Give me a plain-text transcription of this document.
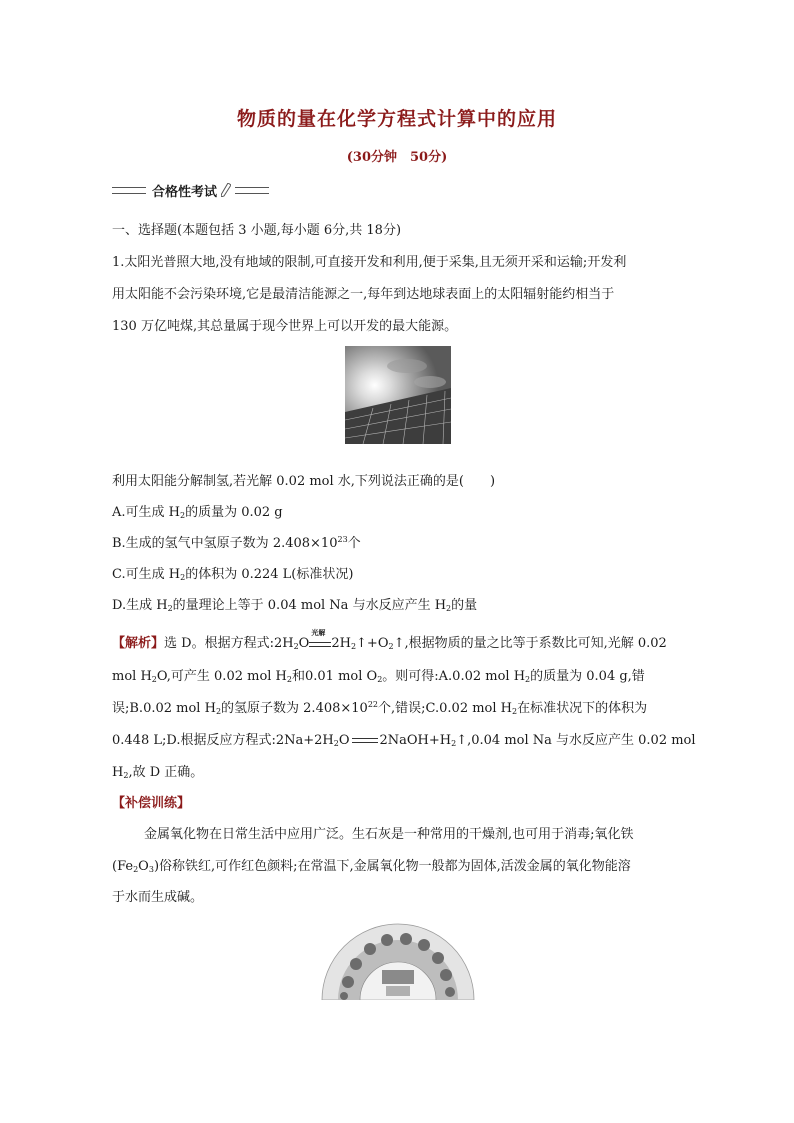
物质的量在化学方程式计算中的应用
(30分钟　50分)
合格性考试
一、选择题(本题包括 3 小题,每小题 6分,共 18分)
1.太阳光普照大地,没有地域的限制,可直接开发和利用,便于采集,且无须开采和运输;开发利
用太阳能不会污染环境,它是最清洁能源之一,每年到达地球表面上的太阳辐射能约相当于
130 万亿吨煤,其总量属于现今世界上可以开发的最大能源。
利用太阳能分解制氢,若光解 0.02 mol 水,下列说法正确的是(　　)
A.可生成 $H_2$的质量为 0.02 g
B.生成的氢气中氢原子数为 $2.408\times 10^{23}$个
C.可生成 $H_2$的体积为 0.224 L(标准状况)
D.生成 $H_2$的量理论上等于 0.04 mol Na 与水反应产生 $H_2$的量
【解析】选 D。根据方程式$:2H_2O$
光解
$2H_2↑+O_2↑$,根据物质的量之比等于系数比可知,光解 0.02
mol $H_2O$,可产生 0.02 mol $H_2$和0.01 mol $O_2$。则可得:A.0.02 mol $H_2$的质量为 0.04 g,错
误;B.0.02 mol $H_2$的氢原子数为 $2.408\times 10^{22}$个,错误;C.0.02 mol $H_2$在标准状况下的体积为
0.448 L;D.根据反应方程式$:2Na+2H_2O$ $2NaOH+H_2↑,0.04$ mol Na 与水反应产生 0.02 mol
$H_2$,故 D 正确。
【补偿训练】
金属氧化物在日常生活中应用广泛。生石灰是一种常用的干燥剂,也可用于消毒;氧化铁
$(Fe_2O_3)$俗称铁红,可作红色颜料;在常温下,金属氧化物一般都为固体,活泼金属的氧化物能溶
于水而生成碱。
